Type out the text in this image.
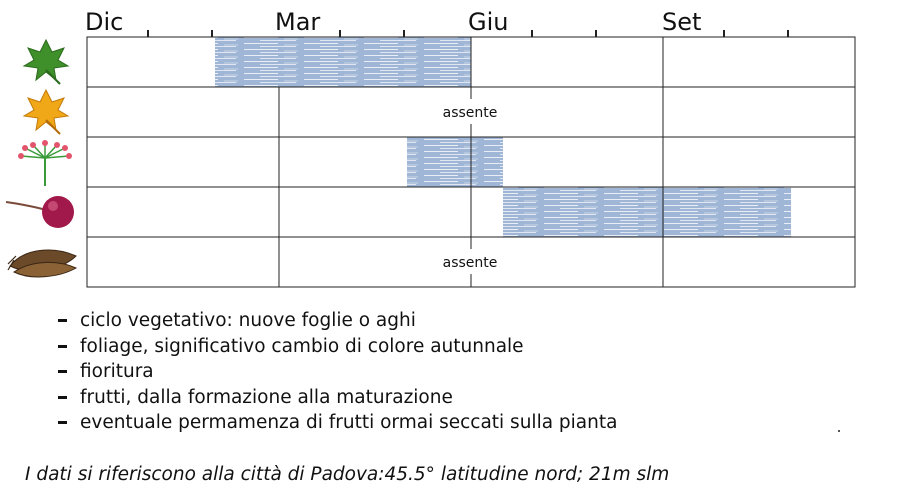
Dic	Mar	Giu	Set
assente
assente
ciclo vegetativo: nuove foglie o aghi
foliage, significativo cambio di colore autunnale
fioritura
frutti, dalla formazione alla maturazione
eventuale permamenza di frutti ormai seccati sulla pianta
I dati si riferiscono alla città di Padova:45.5° latitudine nord; 21m slm
